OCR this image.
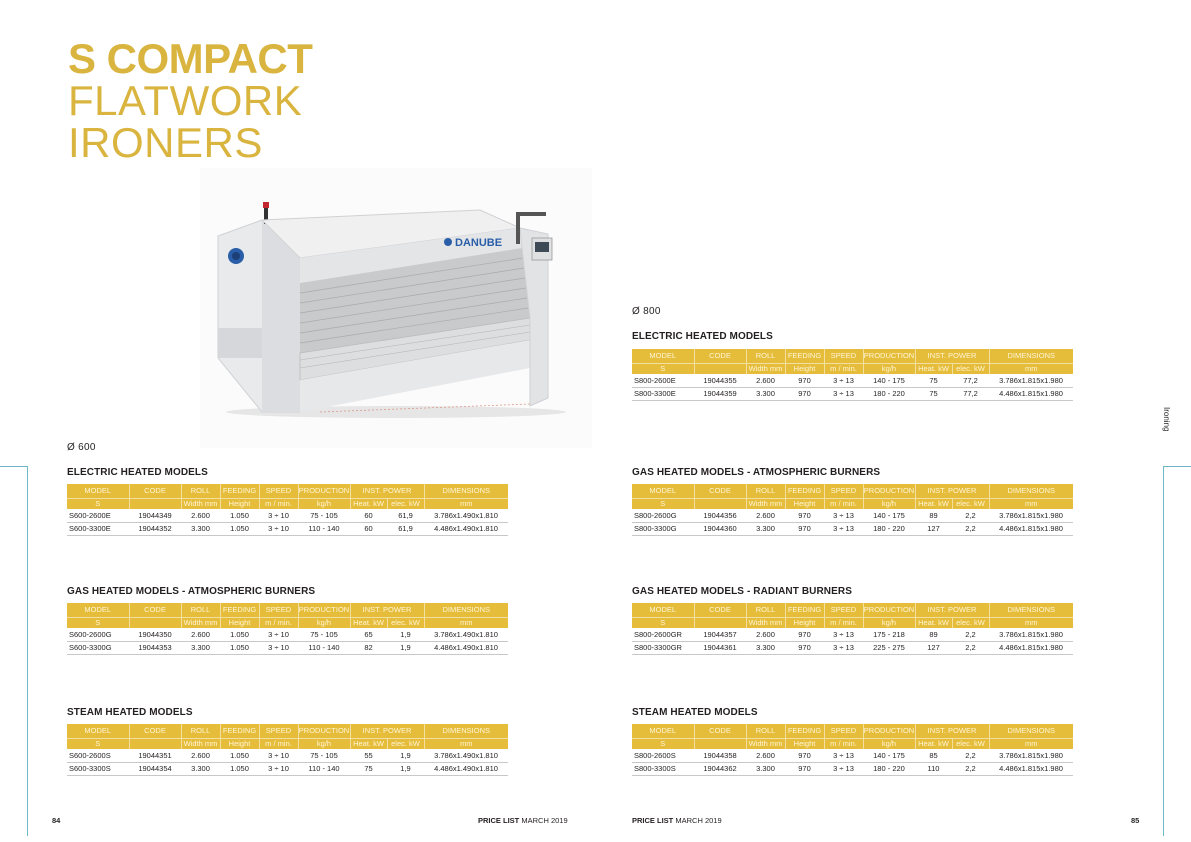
S COMPACT
FLATWORK
IRONERS
DANUBE
Ø 600
ELECTRIC HEATED MODELS
MODEL	CODE	ROLL	FEEDING	SPEED	PRODUCTION	INST. POWER		DIMENSIONS
S		Width mm	Height	m / min.	kg/h	Heat. kW	elec. kW	mm
S600-2600E	19044349	2.600	1.050	3 ÷ 10	75 - 105	60	61,9	3.786x1.490x1.810
S600-3300E	19044352	3.300	1.050	3 ÷ 10	110 - 140	60	61,9	4.486x1.490x1.810
GAS HEATED MODELS - ATMOSPHERIC BURNERS
MODEL	CODE	ROLL	FEEDING	SPEED	PRODUCTION	INST. POWER		DIMENSIONS
S		Width mm	Height	m / min.	kg/h	Heat. kW	elec. kW	mm
S600-2600G	19044350	2.600	1.050	3 ÷ 10	75 - 105	65	1,9	3.786x1.490x1.810
S600-3300G	19044353	3.300	1.050	3 ÷ 10	110 - 140	82	1,9	4.486x1.490x1.810
STEAM HEATED MODELS
MODEL	CODE	ROLL	FEEDING	SPEED	PRODUCTION	INST. POWER		DIMENSIONS
S		Width mm	Height	m / min.	kg/h	Heat. kW	elec. kW	mm
S600-2600S	19044351	2.600	1.050	3 ÷ 10	75 - 105	55	1,9	3.786x1.490x1.810
S600-3300S	19044354	3.300	1.050	3 ÷ 10	110 - 140	75	1,9	4.486x1.490x1.810
Ø 800
ELECTRIC HEATED MODELS
MODEL	CODE	ROLL	FEEDING	SPEED	PRODUCTION	INST. POWER		DIMENSIONS
S		Width mm	Height	m / min.	kg/h	Heat. kW	elec. kW	mm
S800-2600E	19044355	2.600	970	3 ÷ 13	140 - 175	75	77,2	3.786x1.815x1.980
S800-3300E	19044359	3.300	970	3 ÷ 13	180 - 220	75	77,2	4.486x1.815x1.980
GAS HEATED MODELS - ATMOSPHERIC BURNERS
MODEL	CODE	ROLL	FEEDING	SPEED	PRODUCTION	INST. POWER		DIMENSIONS
S		Width mm	Height	m / min.	kg/h	Heat. kW	elec. kW	mm
S800-2600G	19044356	2.600	970	3 ÷ 13	140 - 175	89	2,2	3.786x1.815x1.980
S800-3300G	19044360	3.300	970	3 ÷ 13	180 - 220	127	2,2	4.486x1.815x1.980
GAS HEATED MODELS - RADIANT BURNERS
MODEL	CODE	ROLL	FEEDING	SPEED	PRODUCTION	INST. POWER		DIMENSIONS
S		Width mm	Height	m / min.	kg/h	Heat. kW	elec. kW	mm
S800-2600GR	19044357	2.600	970	3 ÷ 13	175 - 218	89	2,2	3.786x1.815x1.980
S800-3300GR	19044361	3.300	970	3 ÷ 13	225 - 275	127	2,2	4.486x1.815x1.980
STEAM HEATED MODELS
MODEL	CODE	ROLL	FEEDING	SPEED	PRODUCTION	INST. POWER		DIMENSIONS
S		Width mm	Height	m / min.	kg/h	Heat. kW	elec. kW	mm
S800-2600S	19044358	2.600	970	3 ÷ 13	140 - 175	85	2,2	3.786x1.815x1.980
S800-3300S	19044362	3.300	970	3 ÷ 13	180 - 220	110	2,2	4.486x1.815x1.980
Ironing
84	PRICE LIST MARCH 2019	PRICE LIST MARCH 2019	85
